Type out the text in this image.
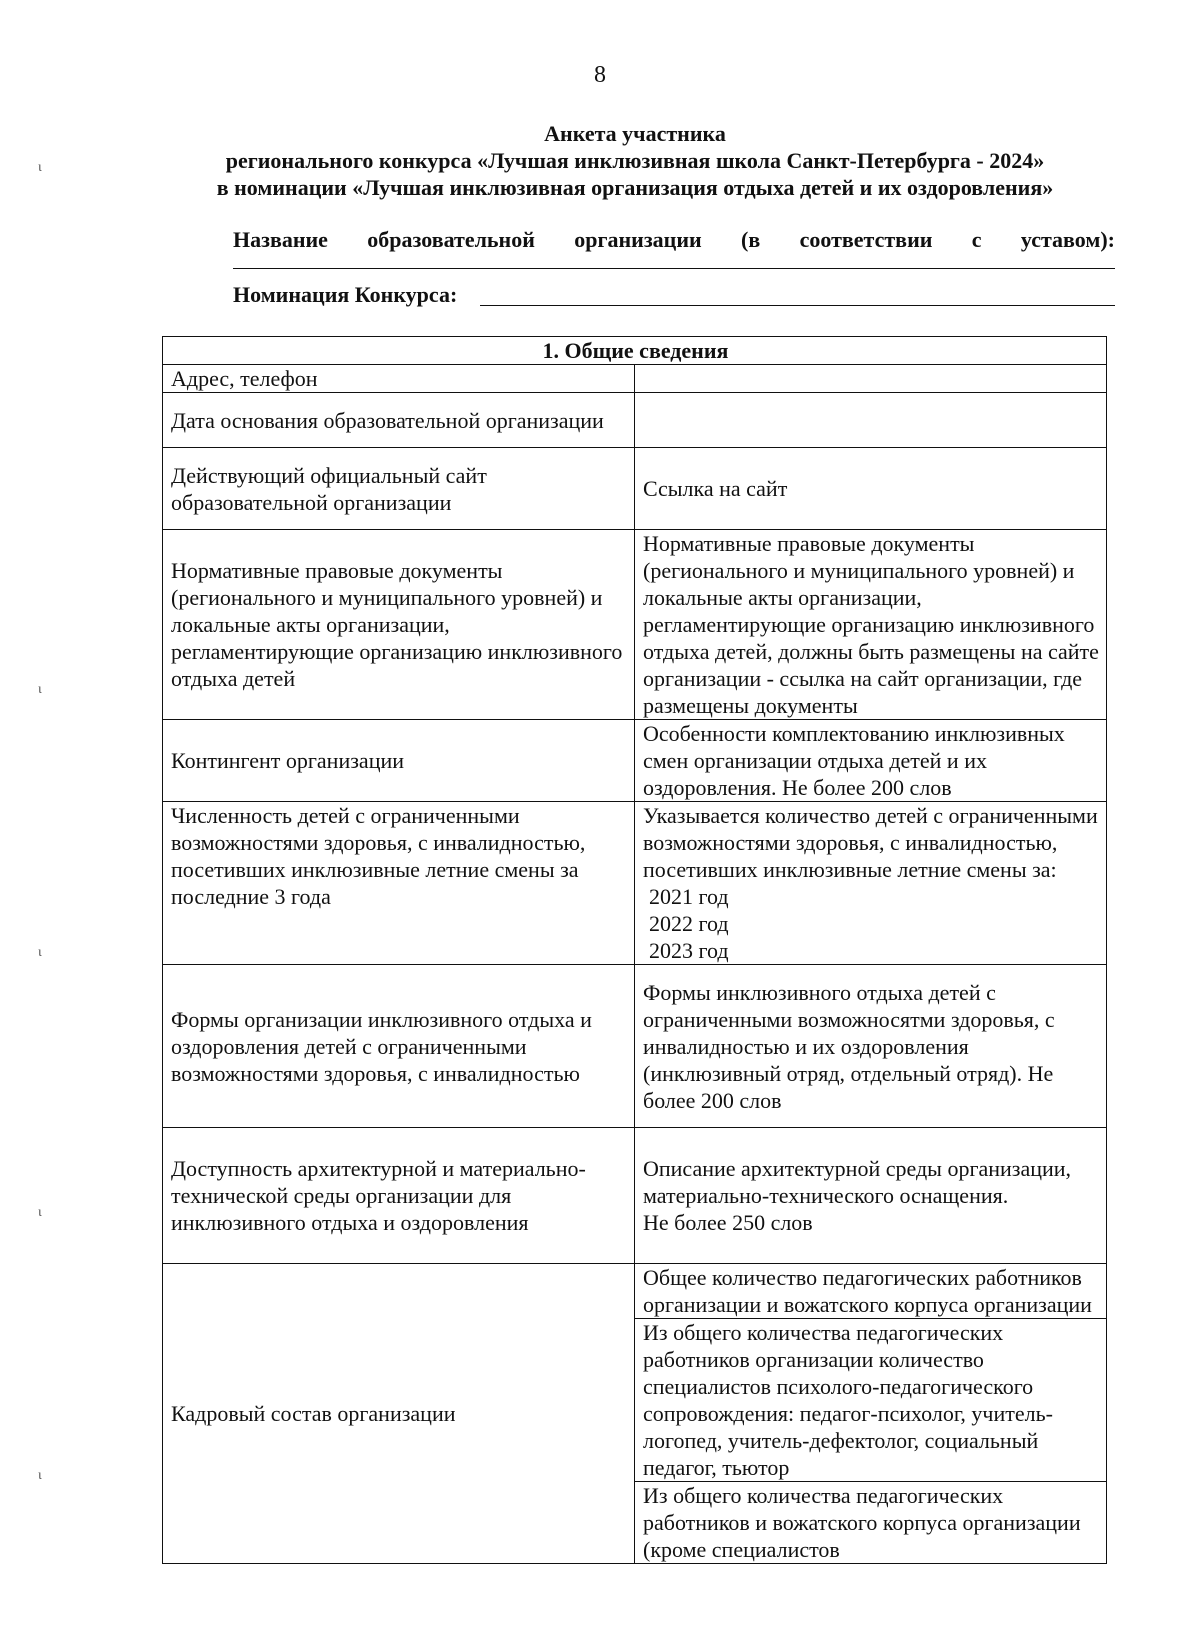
8
Анкета участника
регионального конкурса «Лучшая инклюзивная школа Санкт-Петербурга - 2024»
в номинации «Лучшая инклюзивная организация отдыха детей и их оздоровления»
Название образовательной организации (в соответствии с уставом):
Номинация Конкурса:
ι
ι
ι
ι
ι
1. Общие сведения	
Адрес, телефон	
Дата основания образовательной организации	
Действующий официальный сайт образовательной организации	Ссылка на сайт
Нормативные правовые документы (регионального и муниципального уровней) и локальные акты организации, регламентирующие организацию инклюзивного отдыха детей	Нормативные правовые документы (регионального и муниципального уровней) и локальные акты организации, регламентирующие организацию инклюзивного отдыха детей, должны быть размещены на сайте организации - ссылка на сайт организации, где размещены документы
Контингент организации	Особенности комплектованию инклюзивных смен организации отдыха детей и их оздоровления. Не более 200 слов
Численность детей с ограниченными возможностями здоровья, с инвалидностью, посетивших инклюзивные летние смены за последние 3 года	Указывается количество детей с ограниченными возможностями здоровья, с инвалидностью, посетивших инклюзивные летние смены за:
2021 год
2022 год
2023 год

Формы организации инклюзивного отдыха и оздоровления детей с ограниченными возможностями здоровья, с инвалидностью	Формы инклюзивного отдыха детей с ограниченными возможносятми здоровья, с инвалидностью и их оздоровления (инклюзивный отряд, отдельный отряд). Не более 200 слов
Доступность архитектурной и материально-технической среды организации для инклюзивного отдыха и оздоровления	Описание архитектурной среды организации, материально-технического оснащения.
Не более 250 слов

Кадровый состав организации	Общее количество педагогических работников организации и вожатского корпуса организации
	Из общего количества педагогических работников организации количество специалистов психолого-педагогического сопровождения: педагог-психолог, учитель-логопед, учитель-дефектолог, социальный педагог, тьютор
	Из общего количества педагогических работников и вожатского корпуса организации (кроме специалистов
